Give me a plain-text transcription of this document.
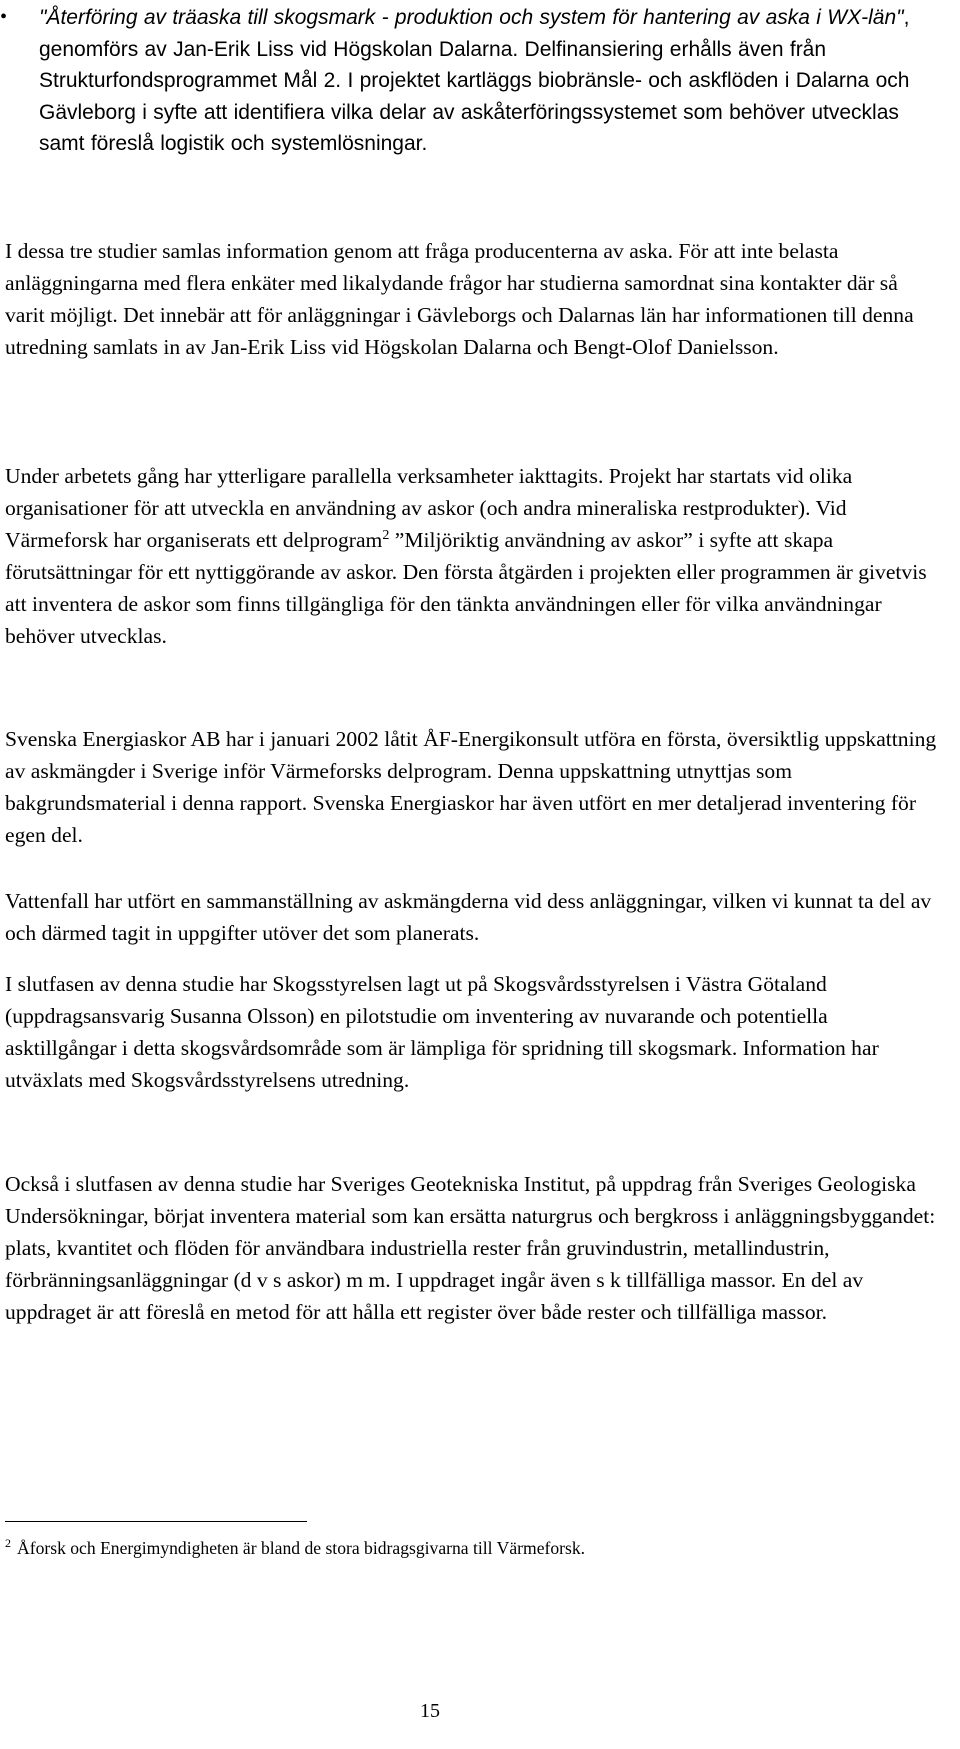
•	"Återföring av träaska till skogsmark - produktion och system för hantering av aska i WX-län", genomförs av Jan-Erik Liss vid Högskolan Dalarna. Delfinansiering erhålls även från Strukturfondsprogrammet Mål 2. I projektet kartläggs biobränsle- och askflöden i Dalarna och Gävleborg i syfte att identifiera vilka delar av askåterföringssystemet som behöver utvecklas samt föreslå logistik och systemlösningar.

I dessa tre studier samlas information genom att fråga producenterna av aska. För att inte belasta anläggningarna med flera enkäter med likalydande frågor har studierna samordnat sina kontakter där så varit möjligt. Det innebär att för anläggningar i Gävleborgs och Dalarnas län har informationen till denna utredning samlats in av Jan-Erik Liss vid Högskolan Dalarna och Bengt-Olof Danielsson.

Under arbetets gång har ytterligare parallella verksamheter iakttagits. Projekt har startats vid olika organisationer för att utveckla en användning av askor (och andra mineraliska restprodukter). Vid Värmeforsk har organiserats ett delprogram$^2$ ”Miljöriktig användning av askor” i syfte att skapa förutsättningar för ett nyttiggörande av askor. Den första åtgärden i projekten eller programmen är givetvis att inventera de askor som finns tillgängliga för den tänkta användningen eller för vilka användningar behöver utvecklas.

Svenska Energiaskor AB har i januari 2002 låtit ÅF-Energikonsult utföra en första, översiktlig uppskattning av askmängder i Sverige inför Värmeforsks delprogram. Denna uppskattning utnyttjas som bakgrundsmaterial i denna rapport. Svenska Energiaskor har även utfört en mer detaljerad inventering för egen del.

Vattenfall har utfört en sammanställning av askmängderna vid dess anläggningar, vilken vi kunnat ta del av och därmed tagit in uppgifter utöver det som planerats.

I slutfasen av denna studie har Skogsstyrelsen lagt ut på Skogsvårdsstyrelsen i Västra Götaland (uppdragsansvarig Susanna Olsson) en pilotstudie om inventering av nuvarande och potentiella asktillgångar i detta skogsvårdsområde som är lämpliga för spridning till skogsmark. Information har utväxlats med Skogsvårdsstyrelsens utredning.

Också i slutfasen av denna studie har Sveriges Geotekniska Institut, på uppdrag från Sveriges Geologiska Undersökningar, börjat inventera material som kan ersätta naturgrus och bergkross i anläggningsbyggandet: plats, kvantitet och flöden för användbara industriella rester från gruvindustrin, metallindustrin, förbränningsanläggningar (d v s askor) m m. I uppdraget ingår även s k tillfälliga massor. En del av uppdraget är att föreslå en metod för att hålla ett register över både rester och tillfälliga massor.

$^2$ Åforsk och Energimyndigheten är bland de stora bidragsgivarna till Värmeforsk.
15
